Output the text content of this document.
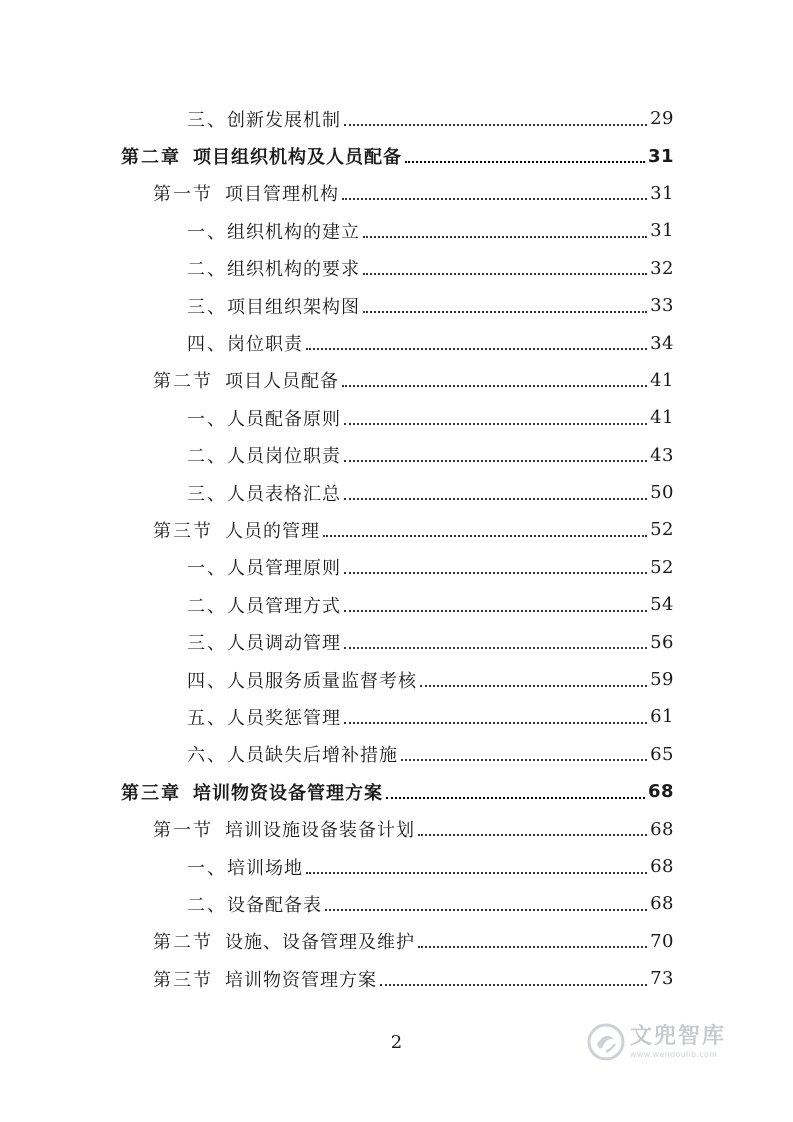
三、 创新发展机制	29
第二章 项目组织机构及人员配备	31
第一节 项目管理机构	31
一、 组织机构的建立	31
二、 组织机构的要求	32
三、 项目组织架构图	33
四、 岗位职责	34
第二节 项目人员配备	41
一、 人员配备原则	41
二、 人员岗位职责	43
三、 人员表格汇总	50
第三节 人员的管理	52
一、 人员管理原则	52
二、 人员管理方式	54
三、 人员调动管理	56
四、 人员服务质量监督考核	59
五、 人员奖惩管理	61
六、 人员缺失后增补措施	65
第三章 培训物资设备管理方案	68
第一节 培训设施设备装备计划	68
一、 培训场地	68
二、 设备配备表	68
第二节 设施、设备管理及维护	70
第三节 培训物资管理方案	73
2	文兜智库
www.wendoulib.com
